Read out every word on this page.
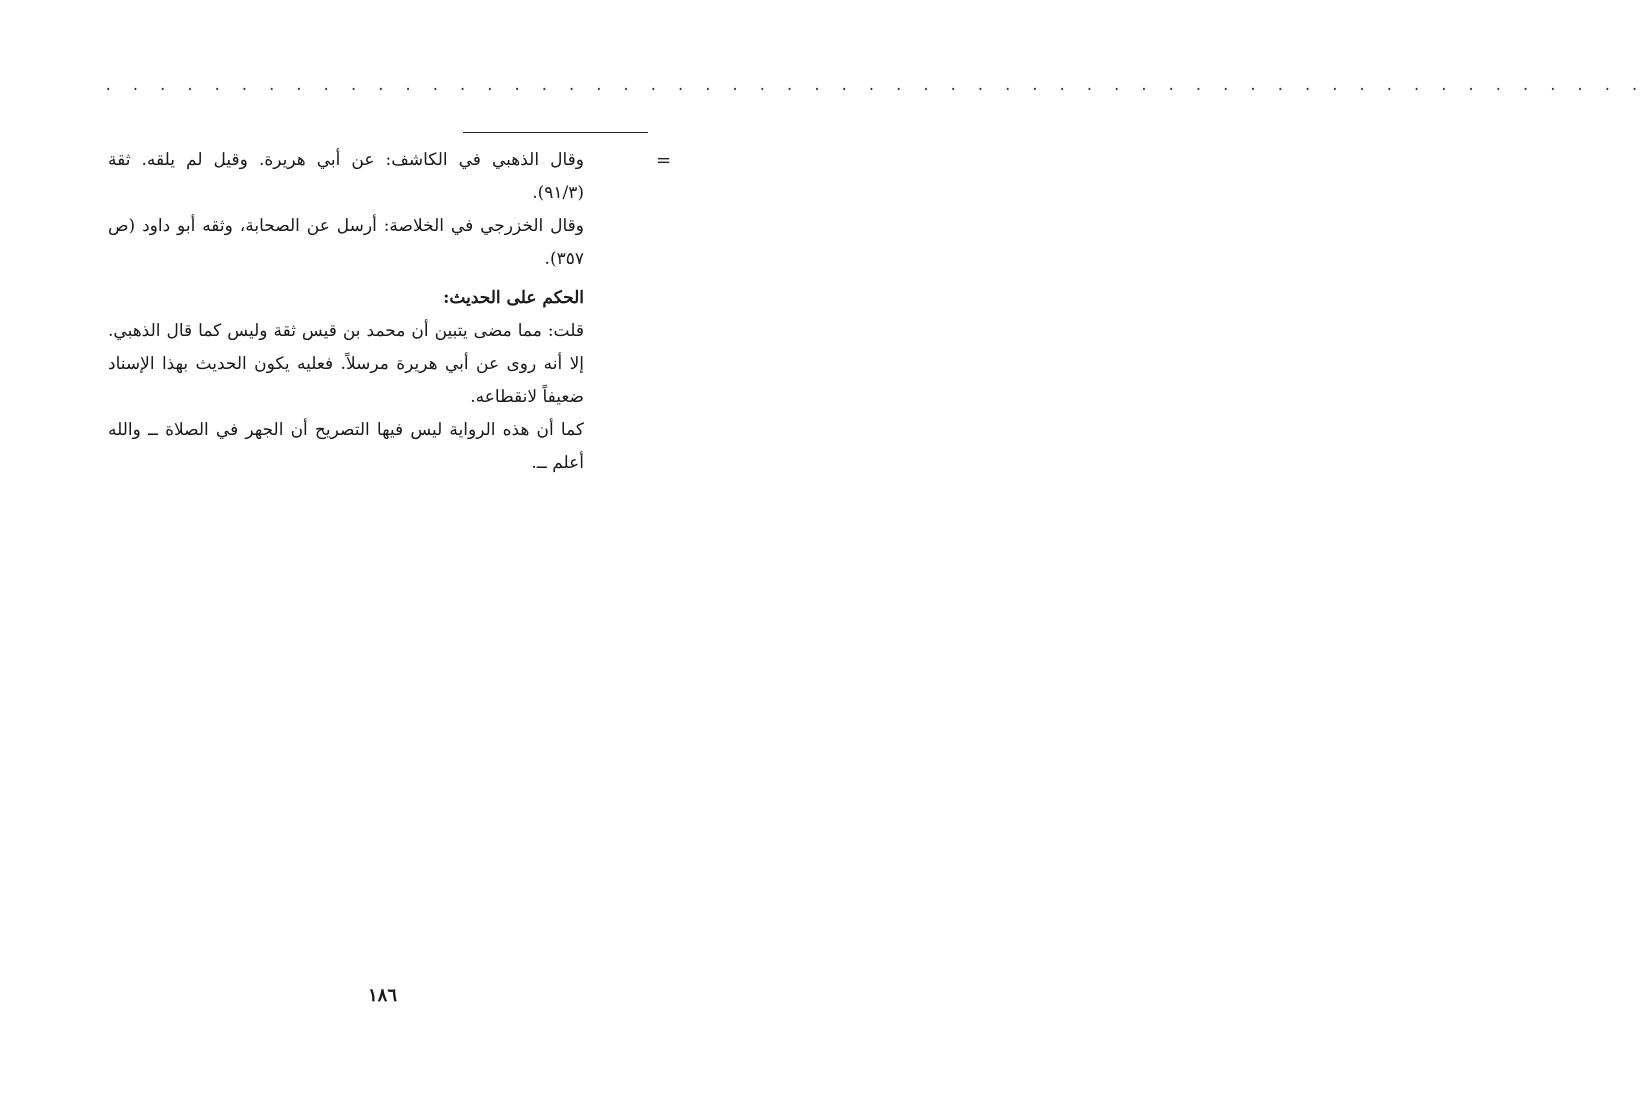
. . . . . . . . . . . . . . . . . . . . . . . . . . . . . . . . . . . . . . . . . . . . . . . . . . . . . . . . .
=

وقال الذهبي في الكاشف: عن أبي هريرة. وقيل لم يلقه. ثقة (٩١/٣).

وقال الخزرجي في الخلاصة: أرسل عن الصحابة، وثقه أبو داود (ص ٣٥٧).

الحكم على الحديث:

قلت: مما مضى يتبين أن محمد بن قيس ثقة وليس كما قال الذهبي. إلا أنه روى عن أبي هريرة مرسلاً. فعليه يكون الحديث بهذا الإسناد ضعيفاً لانقطاعه.

كما أن هذه الرواية ليس فيها التصريح أن الجهر في الصلاة ــ والله أعلم ــ.

١٨٦
